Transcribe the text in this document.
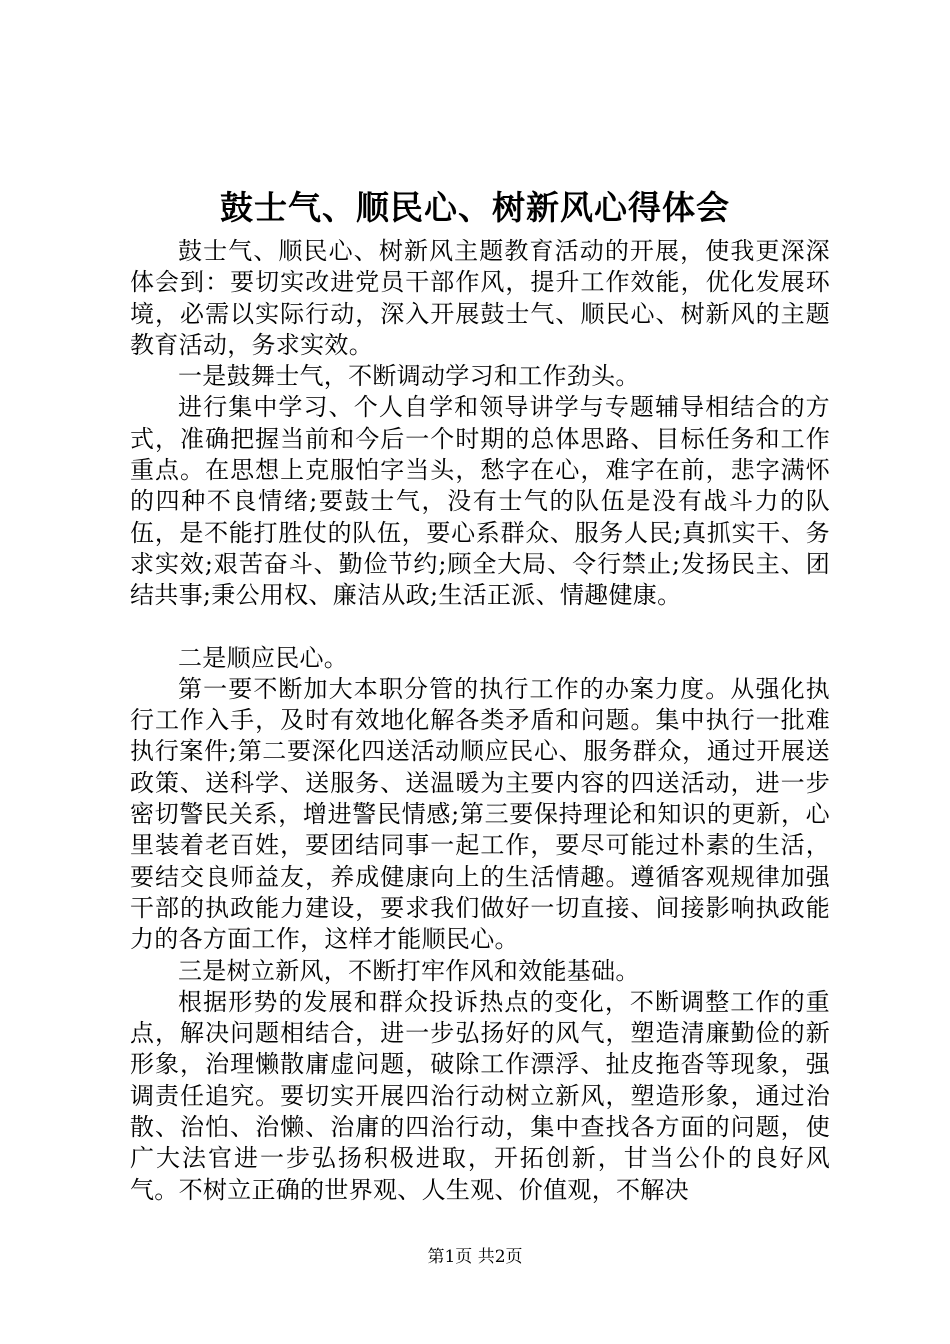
鼓士气、顺民心、树新风心得体会

鼓士气、顺民心、树新风主题教育活动的开展，使我更深深体会到：要切实改进党员干部作风，提升工作效能，优化发展环境，必需以实际行动，深入开展鼓士气、顺民心、树新风的主题教育活动，务求实效。

一是鼓舞士气，不断调动学习和工作劲头。

进行集中学习、个人自学和领导讲学与专题辅导相结合的方式，准确把握当前和今后一个时期的总体思路、目标任务和工作重点。在思想上克服怕字当头，愁字在心，难字在前，悲字满怀的四种不良情绪;要鼓士气，没有士气的队伍是没有战斗力的队伍，是不能打胜仗的队伍，要心系群众、服务人民;真抓实干、务求实效;艰苦奋斗、勤俭节约;顾全大局、令行禁止;发扬民主、团结共事;秉公用权、廉洁从政;生活正派、情趣健康。

二是顺应民心。

第一要不断加大本职分管的执行工作的办案力度。从强化执行工作入手，及时有效地化解各类矛盾和问题。集中执行一批难执行案件;第二要深化四送活动顺应民心、服务群众，通过开展送政策、送科学、送服务、送温暖为主要内容的四送活动，进一步密切警民关系，增进警民情感;第三要保持理论和知识的更新，心里装着老百姓，要团结同事一起工作，要尽可能过朴素的生活，要结交良师益友，养成健康向上的生活情趣。遵循客观规律加强干部的执政能力建设，要求我们做好一切直接、间接影响执政能力的各方面工作，这样才能顺民心。

三是树立新风，不断打牢作风和效能基础。

根据形势的发展和群众投诉热点的变化，不断调整工作的重点，解决问题相结合，进一步弘扬好的风气，塑造清廉勤俭的新形象，治理懒散庸虚问题，破除工作漂浮、扯皮拖沓等现象，强调责任追究。要切实开展四治行动树立新风，塑造形象，通过治散、治怕、治懒、治庸的四治行动，集中查找各方面的问题，使广大法官进一步弘扬积极进取，开拓创新，甘当公仆的良好风气。不树立正确的世界观、人生观、价值观，不解决

第1页 共2页
